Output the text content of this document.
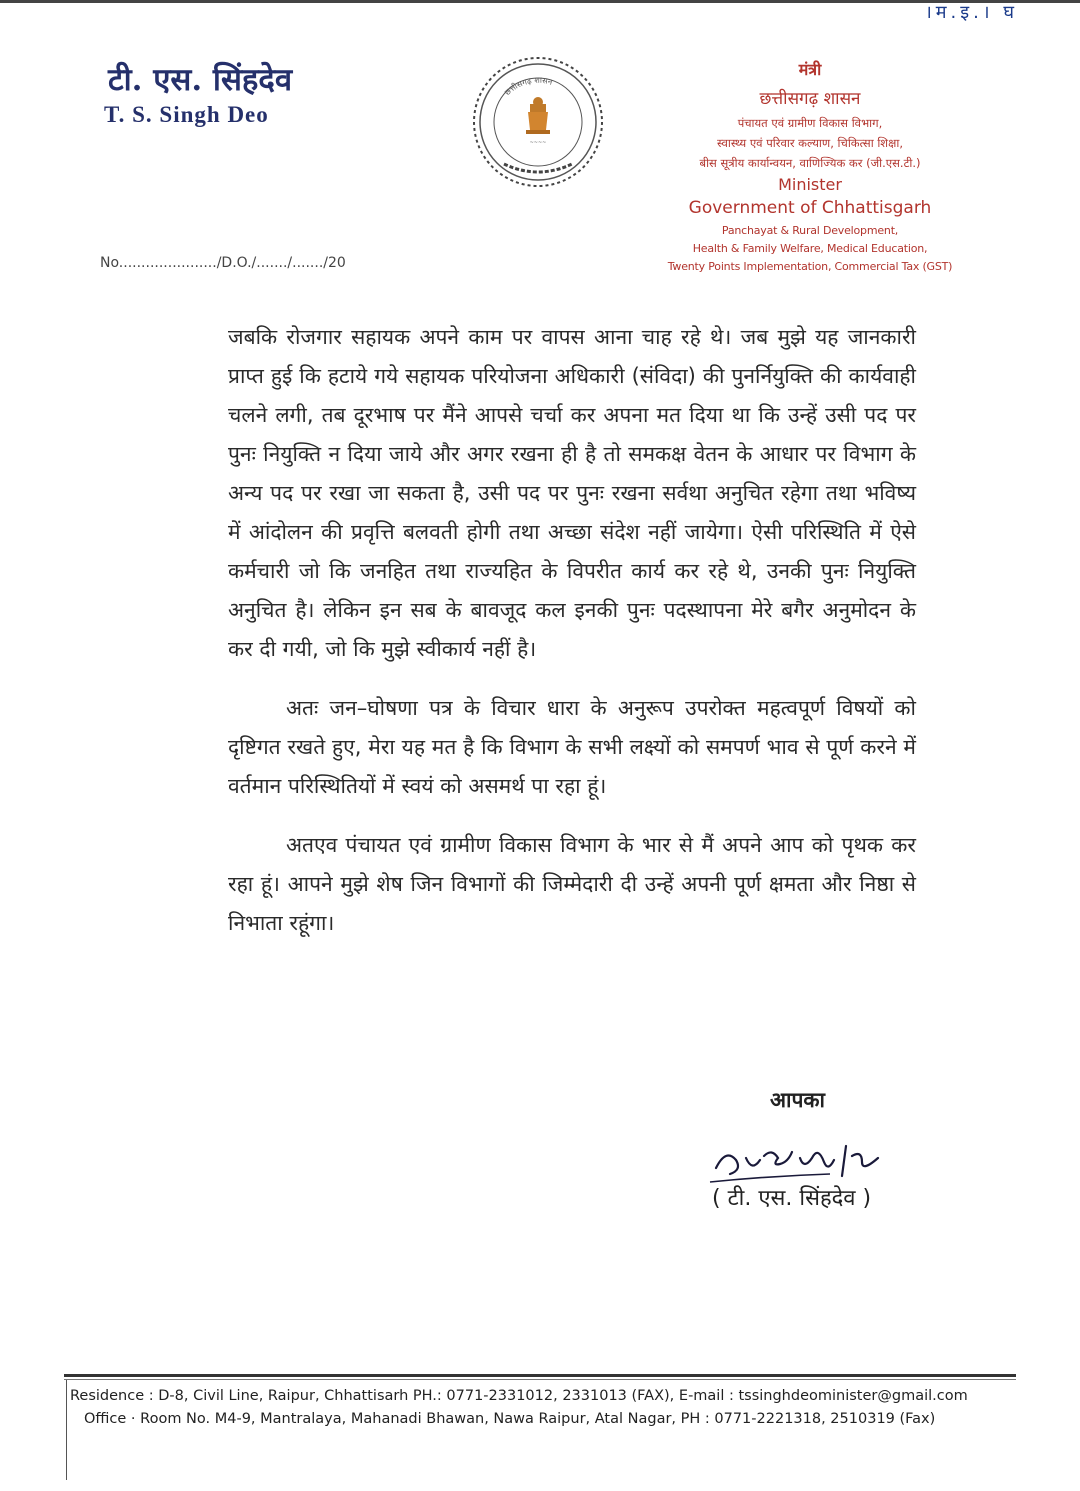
।म.इ.। घ
टी. एस. सिंहदेव
T. S. Singh Deo
छत्तीसगढ़ शासन
~~~~
मंत्री
छत्तीसगढ़ शासन
पंचायत एवं ग्रामीण विकास विभाग,
स्वास्थ्य एवं परिवार कल्याण, चिकित्सा शिक्षा,
बीस सूत्रीय कार्यान्वयन, वाणिज्यिक कर (जी.एस.टी.)
Minister
Government of Chhattisgarh
Panchayat & Rural Development,
Health & Family Welfare, Medical Education,
Twenty Points Implementation, Commercial Tax (GST)
No....................../D.O./......./......./20

जबकि रोजगार सहायक अपने काम पर वापस आना चाह रहे थे। जब मुझे यह जानकारी प्राप्त हुई कि हटाये गये सहायक परियोजना अधिकारी (संविदा) की पुनर्नियुक्ति की कार्यवाही चलने लगी, तब दूरभाष पर मैंने आपसे चर्चा कर अपना मत दिया था कि उन्हें उसी पद पर पुनः नियुक्ति न दिया जाये और अगर रखना ही है तो समकक्ष वेतन के आधार पर विभाग के अन्य पद पर रखा जा सकता है, उसी पद पर पुनः रखना सर्वथा अनुचित रहेगा तथा भविष्य में आंदोलन की प्रवृत्ति बलवती होगी तथा अच्छा संदेश नहीं जायेगा। ऐसी परिस्थिति में ऐसे कर्मचारी जो कि जनहित तथा राज्यहित के विपरीत कार्य कर रहे थे, उनकी पुनः नियुक्ति अनुचित है। लेकिन इन सब के बावजूद कल इनकी पुनः पदस्थापना मेरे बगैर अनुमोदन के कर दी गयी, जो कि मुझे स्वीकार्य नहीं है।

अतः जन–घोषणा पत्र के विचार धारा के अनुरूप उपरोक्त महत्वपूर्ण विषयों को दृष्टिगत रखते हुए, मेरा यह मत है कि विभाग के सभी लक्ष्यों को समपर्ण भाव से पूर्ण करने में वर्तमान परिस्थितियों में स्वयं को असमर्थ पा रहा हूं।

अतएव पंचायत एवं ग्रामीण विकास विभाग के भार से मैं अपने आप को पृथक कर रहा हूं। आपने मुझे शेष जिन विभागों की जिम्मेदारी दी उन्हें अपनी पूर्ण क्षमता और निष्ठा से निभाता रहूंगा।

आपका
( टी. एस. सिंहदेव )
Residence : D-8, Civil Line, Raipur, Chhattisarh PH.: 0771-2331012, 2331013 (FAX), E-mail : tssinghdeominister@gmail.com
Office · Room No. M4-9, Mantralaya, Mahanadi Bhawan, Nawa Raipur, Atal Nagar, PH : 0771-2221318, 2510319 (Fax)
